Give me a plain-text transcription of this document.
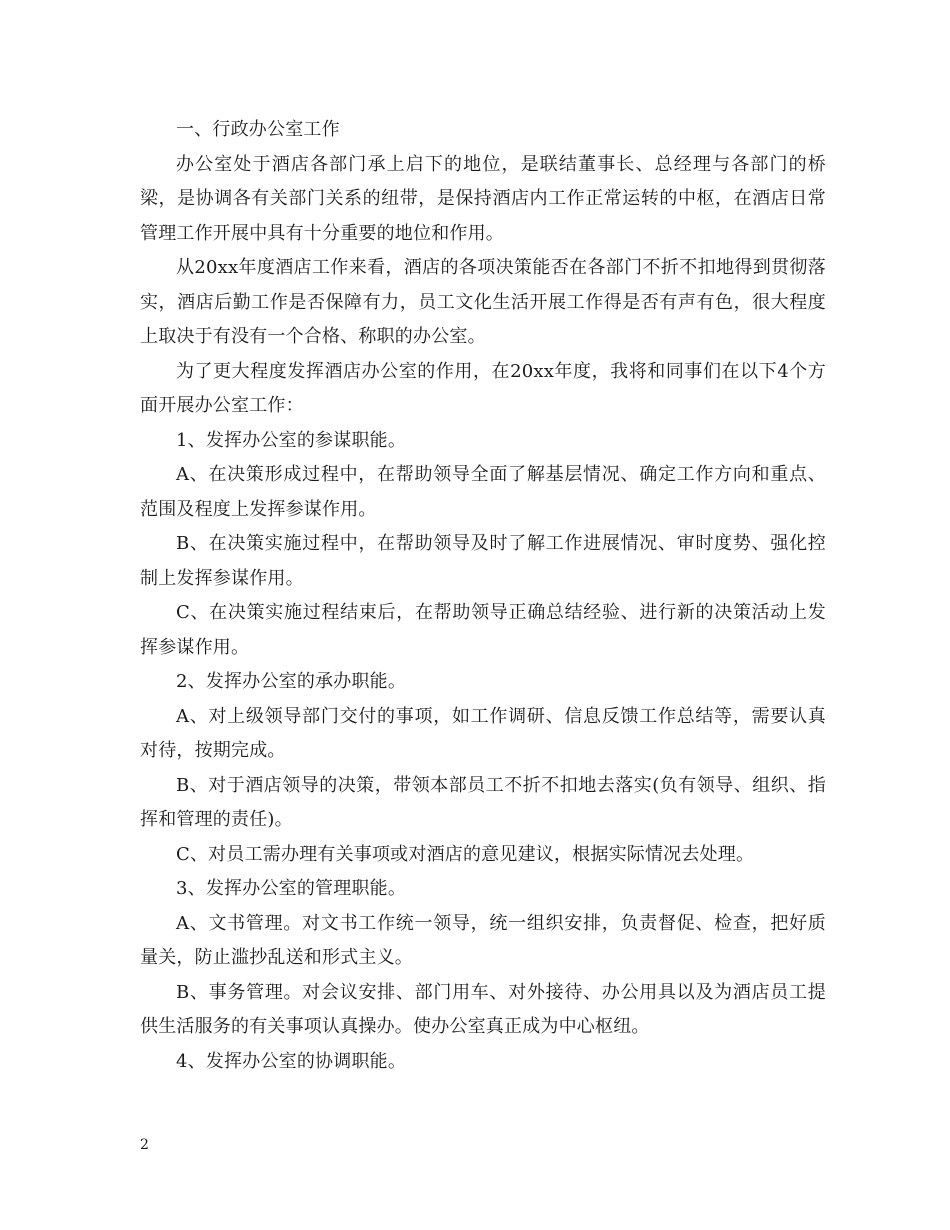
一、行政办公室工作

办公室处于酒店各部门承上启下的地位，是联结董事长、总经理与各部门的桥梁，是协调各有关部门关系的纽带，是保持酒店内工作正常运转的中枢，在酒店日常管理工作开展中具有十分重要的地位和作用。

从20xx年度酒店工作来看，酒店的各项决策能否在各部门不折不扣地得到贯彻落实，酒店后勤工作是否保障有力，员工文化生活开展工作得是否有声有色，很大程度上取决于有没有一个合格、称职的办公室。

为了更大程度发挥酒店办公室的作用，在20xx年度，我将和同事们在以下4个方面开展办公室工作：

1、发挥办公室的参谋职能。

A、在决策形成过程中，在帮助领导全面了解基层情况、确定工作方向和重点、范围及程度上发挥参谋作用。

B、在决策实施过程中，在帮助领导及时了解工作进展情况、审时度势、强化控制上发挥参谋作用。

C、在决策实施过程结束后，在帮助领导正确总结经验、进行新的决策活动上发挥参谋作用。

2、发挥办公室的承办职能。

A、对上级领导部门交付的事项，如工作调研、信息反馈工作总结等，需要认真对待，按期完成。

B、对于酒店领导的决策，带领本部员工不折不扣地去落实(负有领导、组织、指挥和管理的责任)。

C、对员工需办理有关事项或对酒店的意见建议，根据实际情况去处理。

3、发挥办公室的管理职能。

A、文书管理。对文书工作统一领导，统一组织安排，负责督促、检查，把好质量关，防止滥抄乱送和形式主义。

B、事务管理。对会议安排、部门用车、对外接待、办公用具以及为酒店员工提供生活服务的有关事项认真操办。使办公室真正成为中心枢纽。

4、发挥办公室的协调职能。

2
